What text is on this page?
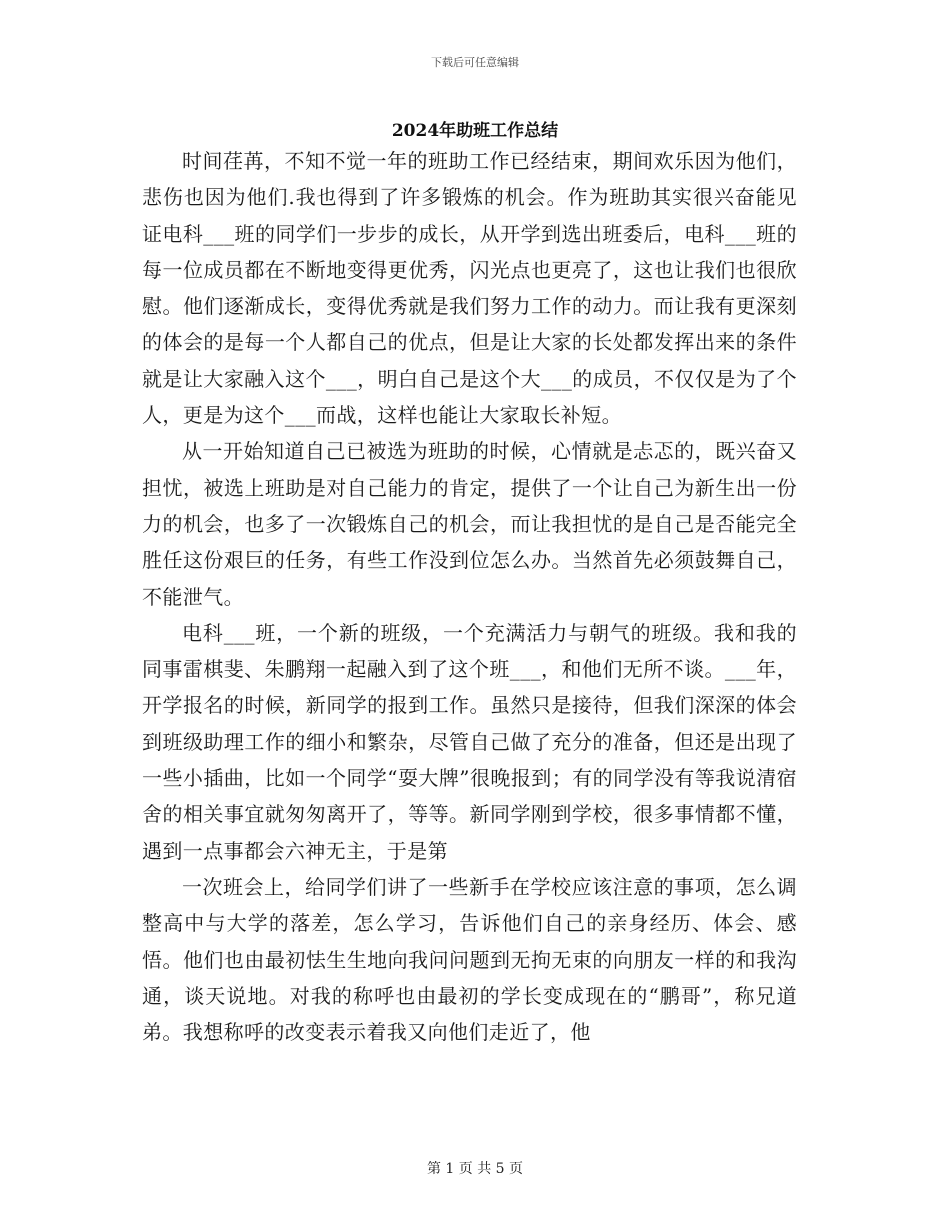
下载后可任意编辑
2024年助班工作总结

时间荏苒，不知不觉一年的班助工作已经结束，期间欢乐因为他们，悲伤也因为他们.我也得到了许多锻炼的机会。作为班助其实很兴奋能见证电科___班的同学们一步步的成长，从开学到选出班委后，电科___班的每一位成员都在不断地变得更优秀，闪光点也更亮了，这也让我们也很欣慰。他们逐渐成长，变得优秀就是我们努力工作的动力。而让我有更深刻的体会的是每一个人都自己的优点，但是让大家的长处都发挥出来的条件就是让大家融入这个___，明白自己是这个大___的成员，不仅仅是为了个人，更是为这个___而战，这样也能让大家取长补短。

从一开始知道自己已被选为班助的时候，心情就是忐忑的，既兴奋又担忧，被选上班助是对自己能力的肯定，提供了一个让自己为新生出一份力的机会，也多了一次锻炼自己的机会，而让我担忧的是自己是否能完全胜任这份艰巨的任务，有些工作没到位怎么办。当然首先必须鼓舞自己，不能泄气。

电科___班，一个新的班级，一个充满活力与朝气的班级。我和我的同事雷棋斐、朱鹏翔一起融入到了这个班___，和他们无所不谈。___年，开学报名的时候，新同学的报到工作。虽然只是接待，但我们深深的体会到班级助理工作的细小和繁杂，尽管自己做了充分的准备，但还是出现了一些小插曲，比如一个同学“耍大牌”很晚报到；有的同学没有等我说清宿舍的相关事宜就匆匆离开了，等等。新同学刚到学校，很多事情都不懂，遇到一点事都会六神无主，于是第

一次班会上，给同学们讲了一些新手在学校应该注意的事项，怎么调整高中与大学的落差，怎么学习，告诉他们自己的亲身经历、体会、感悟。他们也由最初怯生生地向我问问题到无拘无束的向朋友一样的和我沟通，谈天说地。对我的称呼也由最初的学长变成现在的“鹏哥”，称兄道弟。我想称呼的改变表示着我又向他们走近了，他

第 1 页 共 5 页
